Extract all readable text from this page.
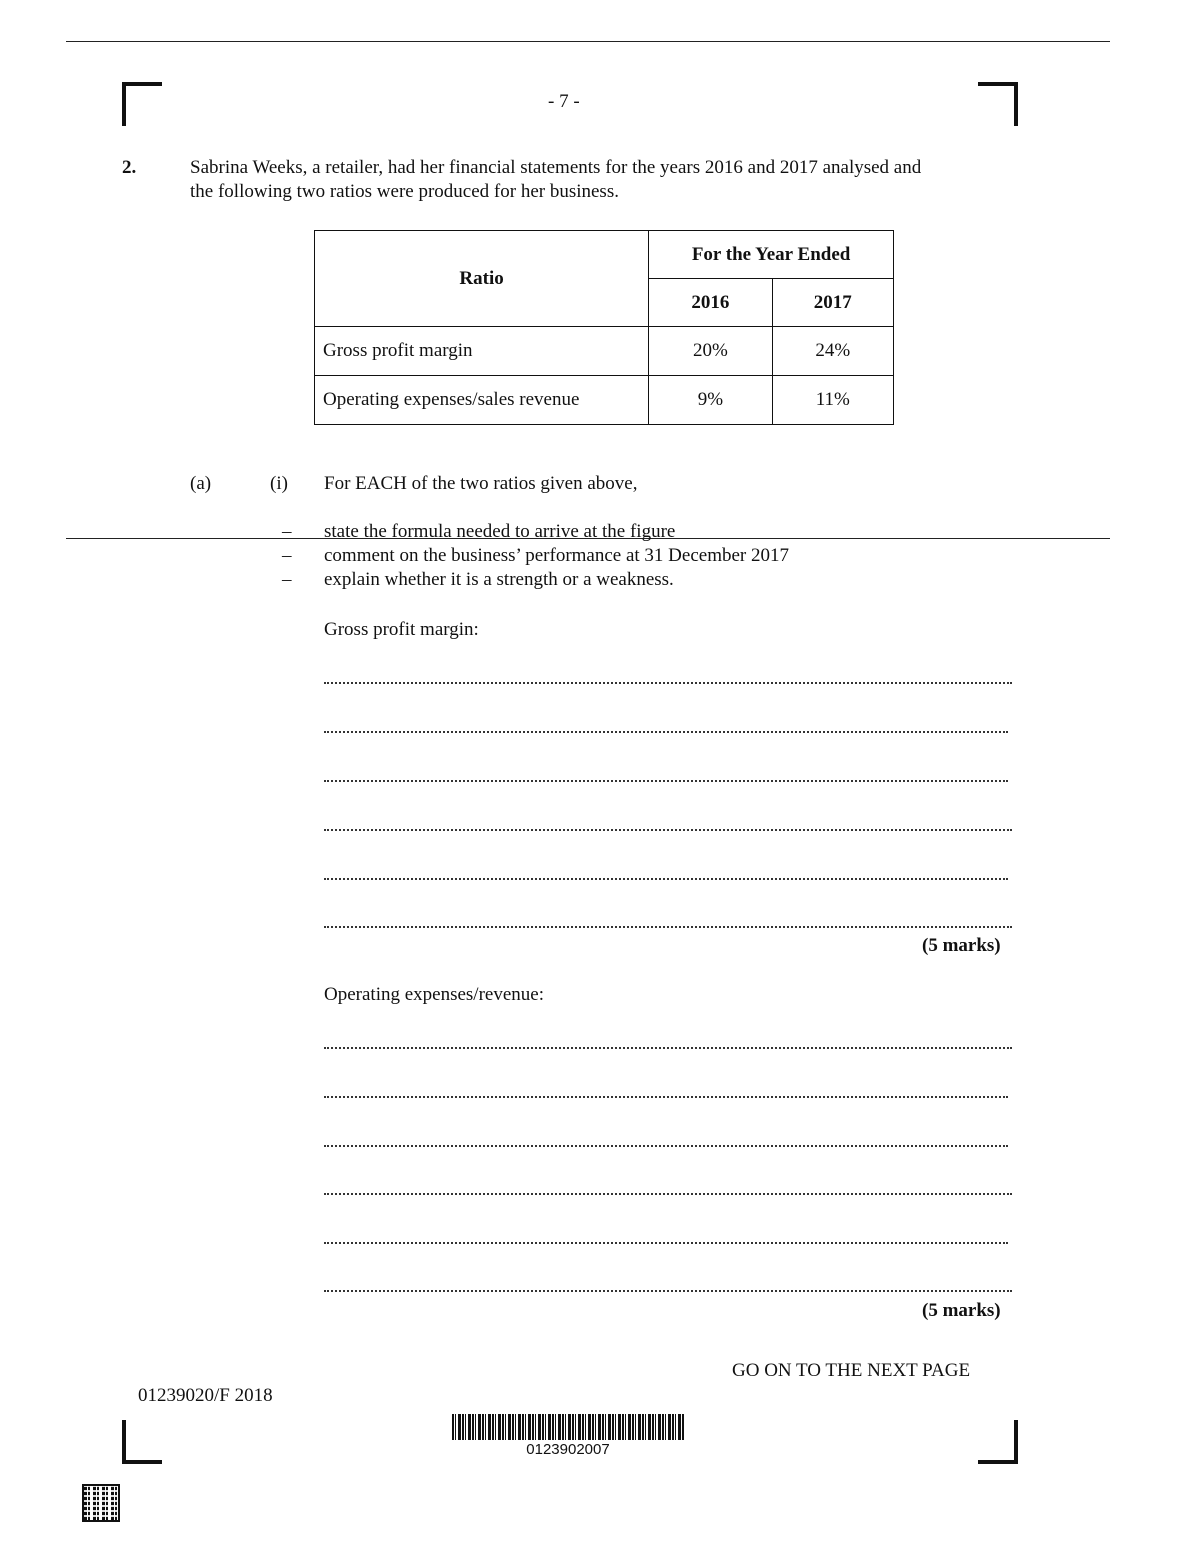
- 7 -
2.	Sabrina Weeks, a retailer, had her financial statements for the years 2016 and 2017 analysed and
the following two ratios were produced for her business.
Ratio	For the Year Ended	
	2016	2017
Gross profit margin	20%	24%
Operating expenses/sales revenue	9%	11%
(a)	(i) For EACH of the two ratios given above,
– state the formula needed to arrive at the figure
– comment on the business’ performance at 31 December 2017
– explain whether it is a strength or a weakness.
Gross profit margin:
(5 marks)
Operating expenses/revenue:
(5 marks)
GO ON TO THE NEXT PAGE
01239020/F 2018
0123902007
